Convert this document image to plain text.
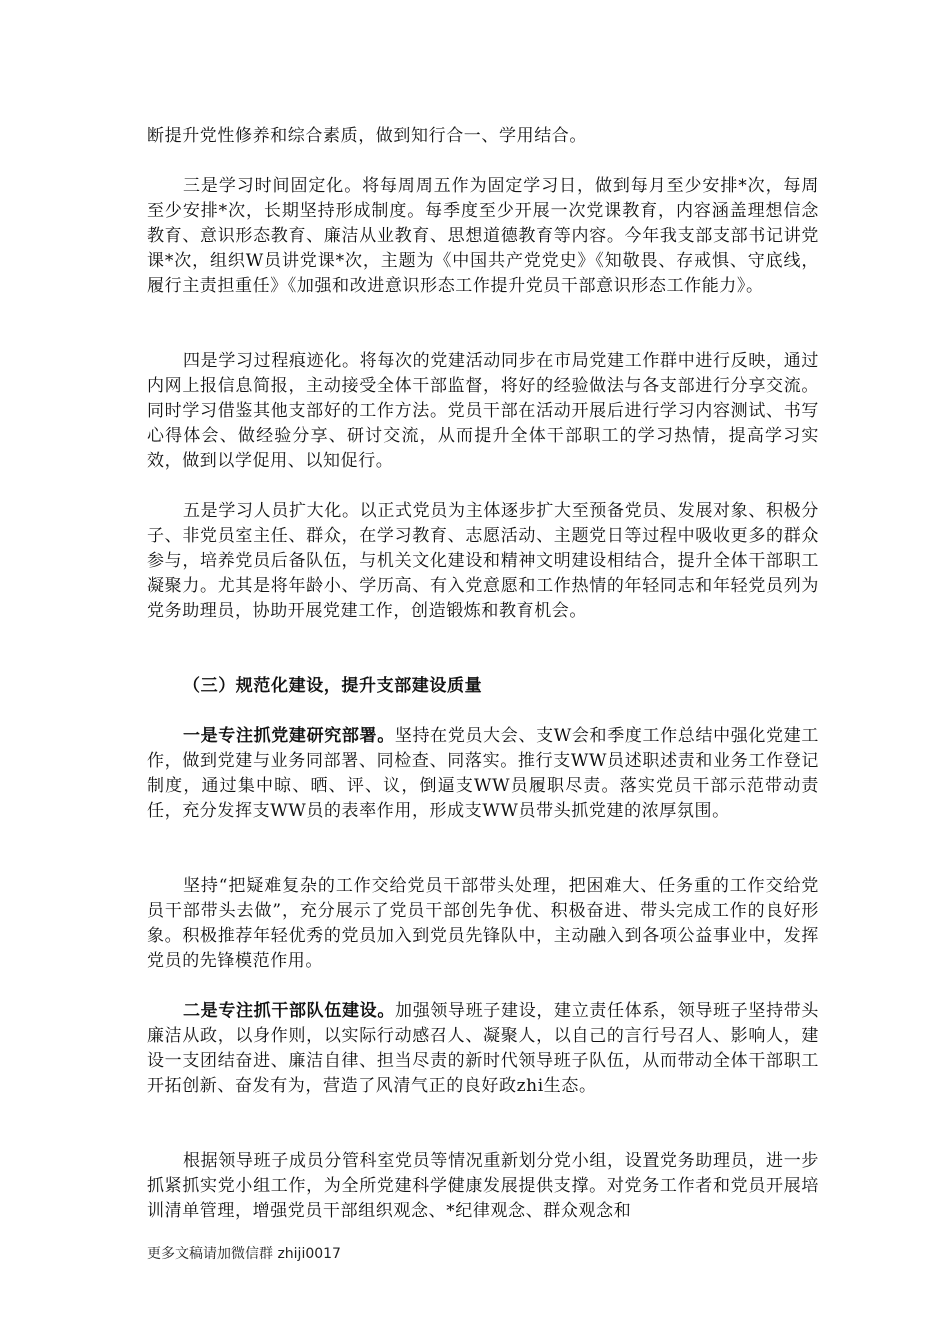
断提升党性修养和综合素质，做到知行合一、学用结合。

三是学习时间固定化。将每周周五作为固定学习日，做到每月至少安排*次，每周至少安排*次，长期坚持形成制度。每季度至少开展一次党课教育，内容涵盖理想信念教育、意识形态教育、廉洁从业教育、思想道德教育等内容。今年我支部支部书记讲党课*次，组织W员讲党课*次，主题为《中国共产党党史》《知敬畏、存戒惧、守底线，履行主责担重任》《加强和改进意识形态工作提升党员干部意识形态工作能力》。

四是学习过程痕迹化。将每次的党建活动同步在市局党建工作群中进行反映，通过内网上报信息简报，主动接受全体干部监督，将好的经验做法与各支部进行分享交流。同时学习借鉴其他支部好的工作方法。党员干部在活动开展后进行学习内容测试、书写心得体会、做经验分享、研讨交流，从而提升全体干部职工的学习热情，提高学习实效，做到以学促用、以知促行。

五是学习人员扩大化。以正式党员为主体逐步扩大至预备党员、发展对象、积极分子、非党员室主任、群众，在学习教育、志愿活动、主题党日等过程中吸收更多的群众参与，培养党员后备队伍，与机关文化建设和精神文明建设相结合，提升全体干部职工凝聚力。尤其是将年龄小、学历高、有入党意愿和工作热情的年轻同志和年轻党员列为党务助理员，协助开展党建工作，创造锻炼和教育机会。

（三）规范化建设，提升支部建设质量

一是专注抓党建研究部署。坚持在党员大会、支W会和季度工作总结中强化党建工作，做到党建与业务同部署、同检查、同落实。推行支WW员述职述责和业务工作登记制度，通过集中晾、晒、评、议，倒逼支WW员履职尽责。落实党员干部示范带动责任，充分发挥支WW员的表率作用，形成支WW员带头抓党建的浓厚氛围。

坚持“把疑难复杂的工作交给党员干部带头处理，把困难大、任务重的工作交给党员干部带头去做”，充分展示了党员干部创先争优、积极奋进、带头完成工作的良好形象。积极推荐年轻优秀的党员加入到党员先锋队中，主动融入到各项公益事业中，发挥党员的先锋模范作用。

二是专注抓干部队伍建设。加强领导班子建设，建立责任体系，领导班子坚持带头廉洁从政，以身作则，以实际行动感召人、凝聚人，以自己的言行号召人、影响人，建设一支团结奋进、廉洁自律、担当尽责的新时代领导班子队伍，从而带动全体干部职工开拓创新、奋发有为，营造了风清气正的良好政zhi生态。

根据领导班子成员分管科室党员等情况重新划分党小组，设置党务助理员，进一步抓紧抓实党小组工作，为全所党建科学健康发展提供支撑。对党务工作者和党员开展培训清单管理，增强党员干部组织观念、*纪律观念、群众观念和

更多文稿请加微信群 zhiji0017
